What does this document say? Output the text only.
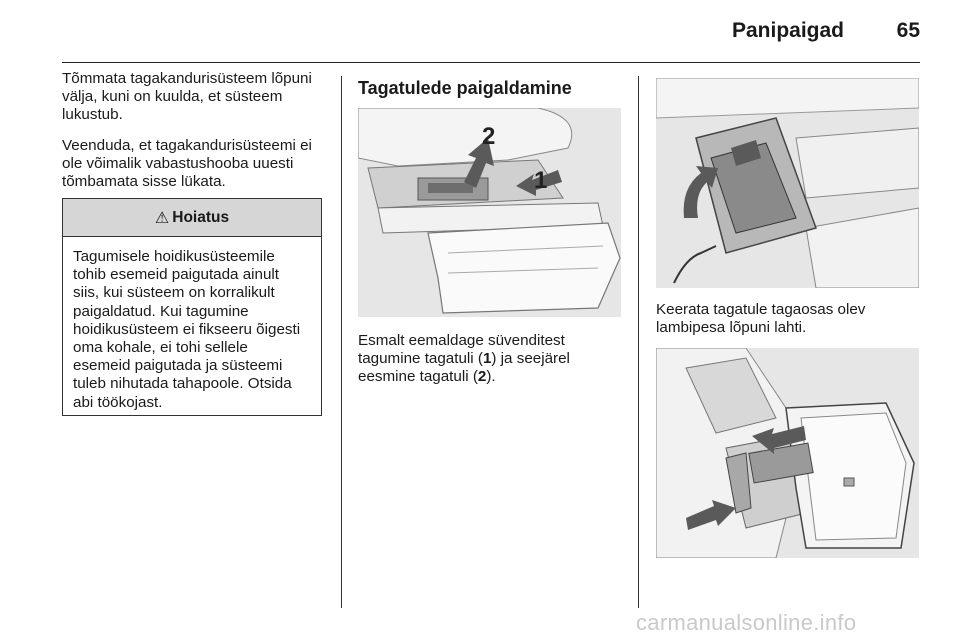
Panipaigad	65
Tõmmata tagakandurisüsteem lõpuni
välja, kuni on kuulda, et süsteem
lukustub.
Veenduda, et tagakandurisüsteemi ei
ole võimalik vabastushooba uuesti
tõmbamata sisse lükata.
⚠ Hoiatus
Tagumisele hoidikusüsteemile
tohib esemeid paigutada ainult
siis, kui süsteem on korralikult
paigaldatud. Kui tagumine
hoidikusüsteem ei fikseeru õigesti
oma kohale, ei tohi sellele
esemeid paigutada ja süsteemi
tuleb nihutada tahapoole. Otsida
abi töökojast.
Tagatulede paigaldamine
1
2
Esmalt eemaldage süvenditest
tagumine tagatuli (1) ja seejärel
eesmine tagatuli (2).
Keerata tagatule tagaosas olev
lambipesa lõpuni lahti.
carmanualsonline.info
